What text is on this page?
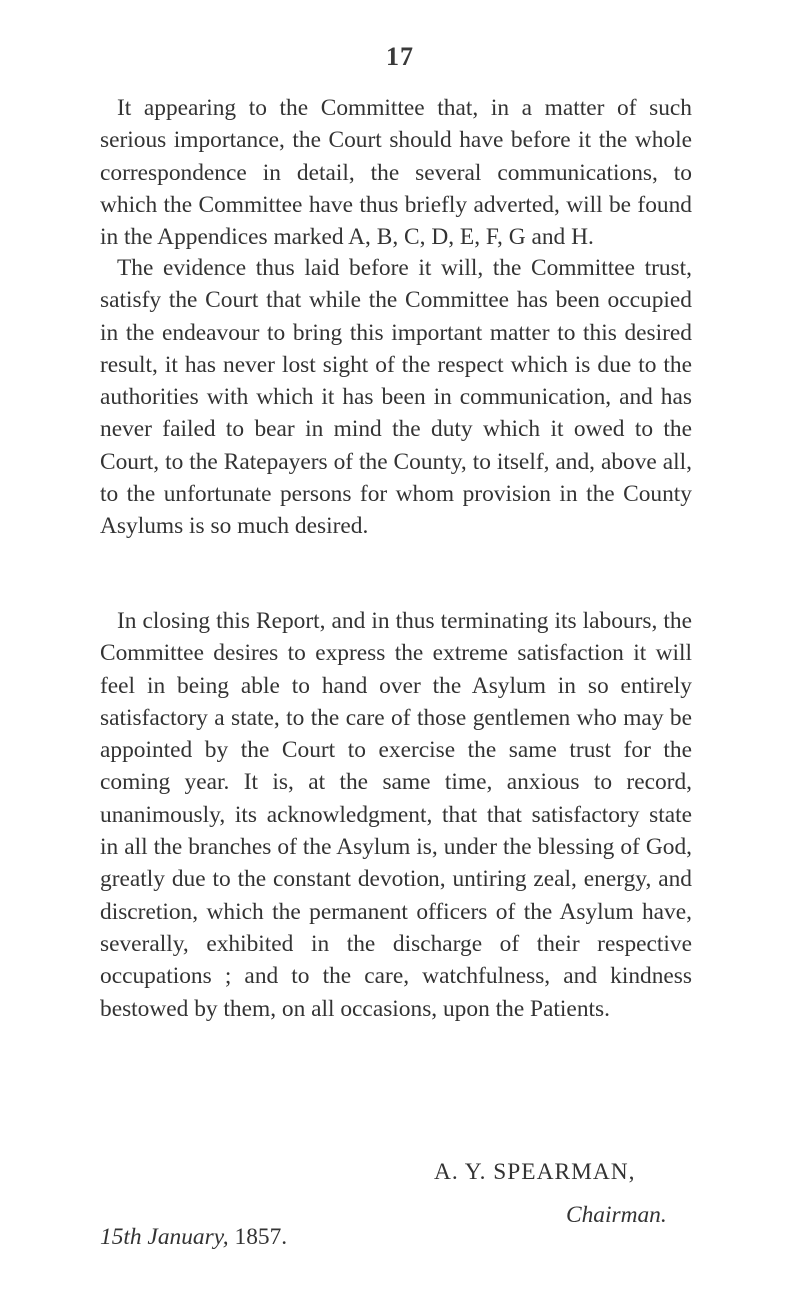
17

It appearing to the Committee that, in a matter of such serious importance, the Court should have before it the whole correspondence in detail, the several communications, to which the Committee have thus briefly adverted, will be found in the Appendices marked A, B, C, D, E, F, G and H.

The evidence thus laid before it will, the Committee trust, satisfy the Court that while the Committee has been occupied in the endeavour to bring this important matter to this desired result, it has never lost sight of the respect which is due to the authorities with which it has been in communication, and has never failed to bear in mind the duty which it owed to the Court, to the Ratepayers of the County, to itself, and, above all, to the unfortunate persons for whom provision in the County Asylums is so much desired.

In closing this Report, and in thus terminating its labours, the Committee desires to express the extreme satisfaction it will feel in being able to hand over the Asylum in so entirely satisfactory a state, to the care of those gentlemen who may be appointed by the Court to exercise the same trust for the coming year. It is, at the same time, anxious to record, unanimously, its acknowledgment, that that satisfactory state in all the branches of the Asylum is, under the blessing of God, greatly due to the constant devotion, untiring zeal, energy, and discretion, which the permanent officers of the Asylum have, severally, exhibited in the discharge of their respective occupations ; and to the care, watchfulness, and kindness bestowed by them, on all occasions, upon the Patients.

A. Y. SPEARMAN,
Chairman.
15th January, 1857.
